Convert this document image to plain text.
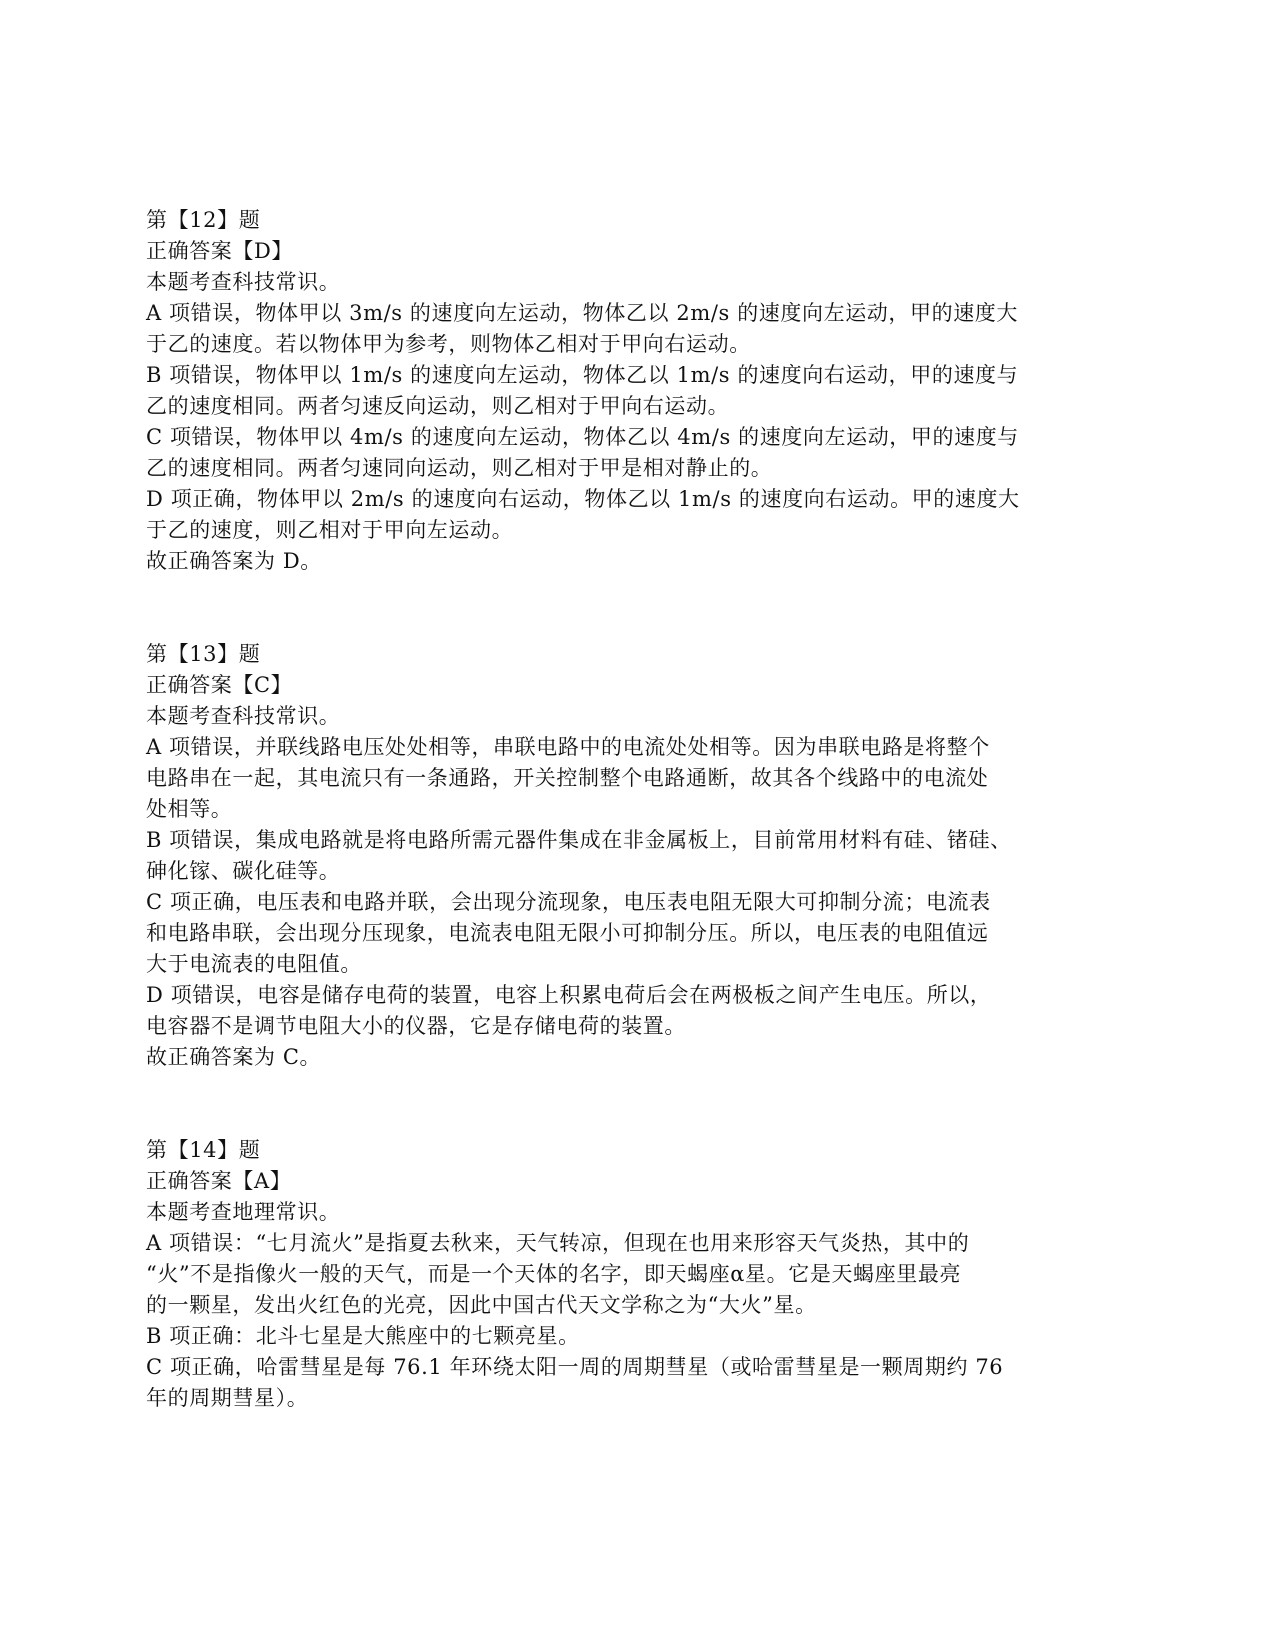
第【12】题
正确答案【D】
本题考查科技常识。
A 项错误，物体甲以 3m/s 的速度向左运动，物体乙以 2m/s 的速度向左运动，甲的速度大
于乙的速度。若以物体甲为参考，则物体乙相对于甲向右运动。
B 项错误，物体甲以 1m/s 的速度向左运动，物体乙以 1m/s 的速度向右运动，甲的速度与
乙的速度相同。两者匀速反向运动，则乙相对于甲向右运动。
C 项错误，物体甲以 4m/s 的速度向左运动，物体乙以 4m/s 的速度向左运动，甲的速度与
乙的速度相同。两者匀速同向运动，则乙相对于甲是相对静止的。
D 项正确，物体甲以 2m/s 的速度向右运动，物体乙以 1m/s 的速度向右运动。甲的速度大
于乙的速度，则乙相对于甲向左运动。
故正确答案为 D。
第【13】题
正确答案【C】
本题考查科技常识。
A 项错误，并联线路电压处处相等，串联电路中的电流处处相等。因为串联电路是将整个
电路串在一起，其电流只有一条通路，开关控制整个电路通断，故其各个线路中的电流处
处相等。
B 项错误，集成电路就是将电路所需元器件集成在非金属板上，目前常用材料有硅、锗硅、
砷化镓、碳化硅等。
C 项正确，电压表和电路并联，会出现分流现象，电压表电阻无限大可抑制分流；电流表
和电路串联，会出现分压现象，电流表电阻无限小可抑制分压。所以，电压表的电阻值远
大于电流表的电阻值。
D 项错误，电容是储存电荷的装置，电容上积累电荷后会在两极板之间产生电压。所以，
电容器不是调节电阻大小的仪器，它是存储电荷的装置。
故正确答案为 C。
第【14】题
正确答案【A】
本题考查地理常识。
A 项错误：“七月流火”是指夏去秋来，天气转凉，但现在也用来形容天气炎热，其中的
“火”不是指像火一般的天气，而是一个天体的名字，即天蝎座α星。它是天蝎座里最亮
的一颗星，发出火红色的光亮，因此中国古代天文学称之为“大火”星。
B 项正确：北斗七星是大熊座中的七颗亮星。
C 项正确，哈雷彗星是每 76.1 年环绕太阳一周的周期彗星（或哈雷彗星是一颗周期约 76
年的周期彗星）。
